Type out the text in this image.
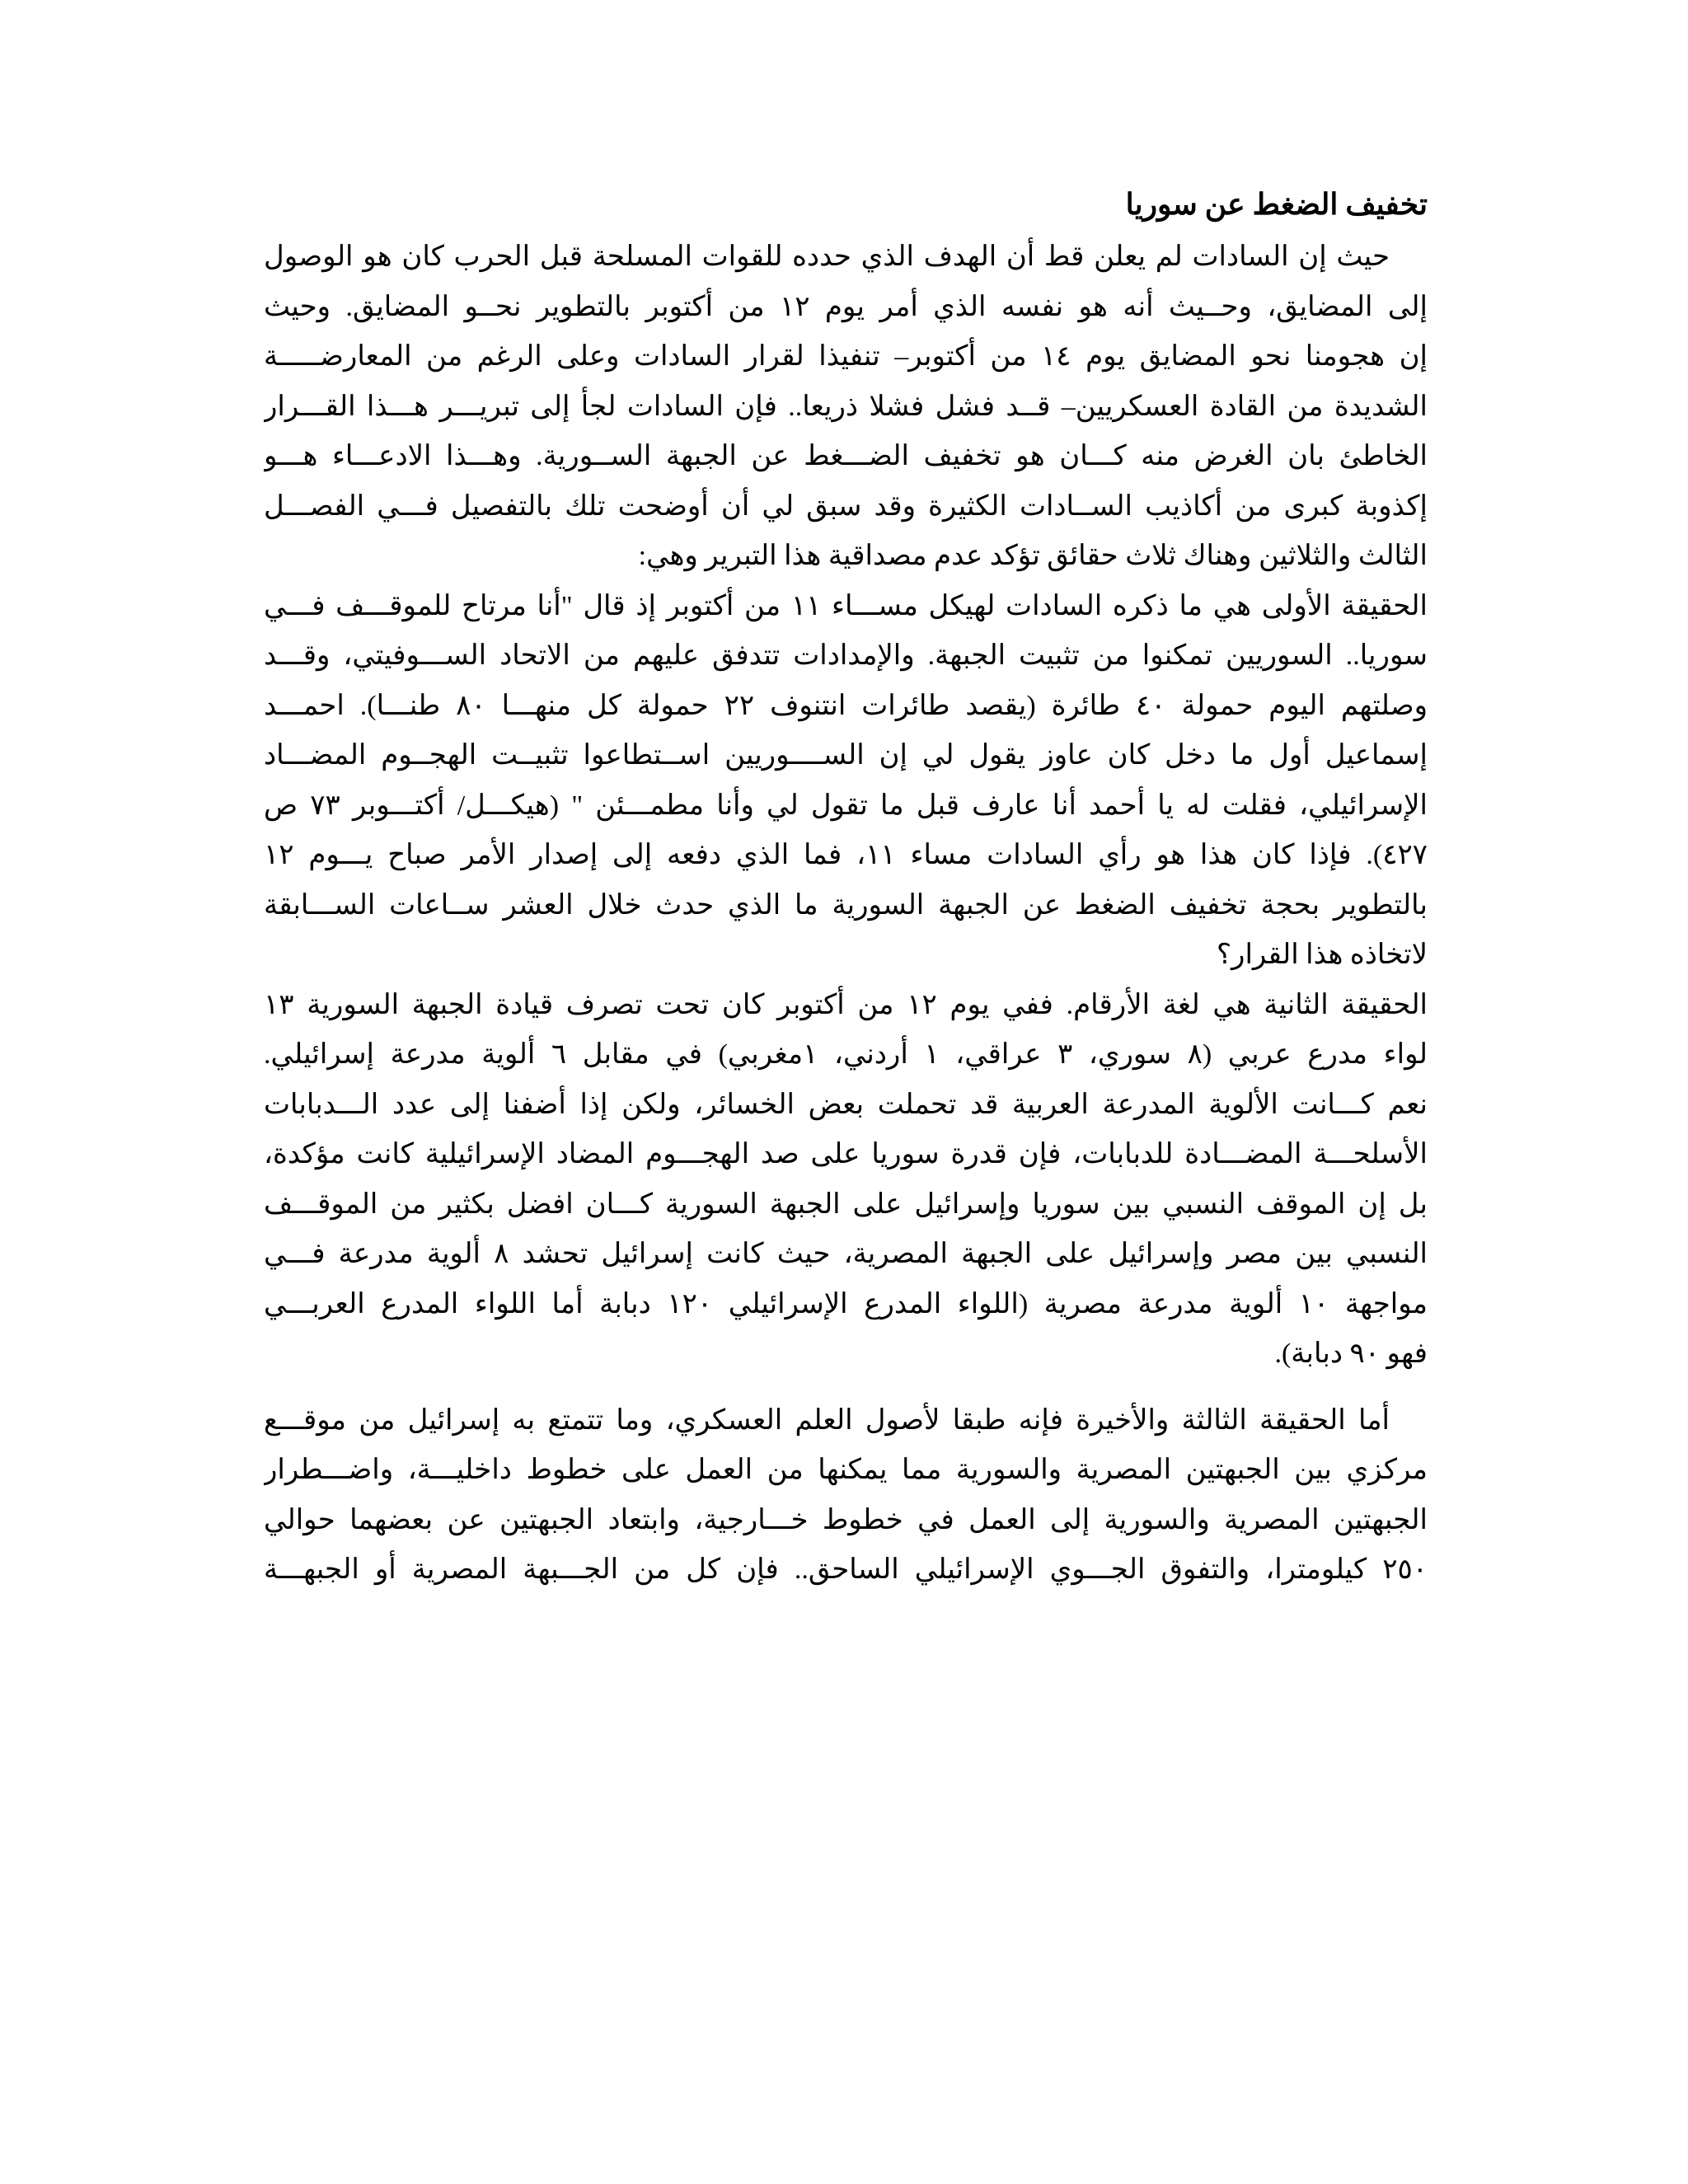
تخفيف الضغط عن سوريا
حيث إن السادات لم يعلن قط أن الهدف الذي حدده للقوات المسلحة قبل الحرب كان هو الوصول
إلى المضايق، وحــيث أنه هو نفسه الذي أمر يوم ١٢ من أكتوبر بالتطوير نحــو المضايق. وحيث
إن هجومنا نحو المضايق يوم ١٤ من أكتوبر– تنفيذا لقرار السادات وعلى الرغم من المعارضـــــة
الشديدة من القادة العسكريين– قــد فشل فشلا ذريعا.. فإن السادات لجأ إلى تبريـــر هـــذا القـــرار
الخاطئ بان الغرض منه كـــان هو تخفيف الضـــغط عن الجبهة الســورية. وهـــذا الادعـــاء هـــو
إكذوبة كبرى من أكاذيب الســادات الكثيرة وقد سبق لي أن أوضحت تلك بالتفصيل فـــي الفصـــل
الثالث والثلاثين وهناك ثلاث حقائق تؤكد عدم مصداقية هذا التبرير وهي:
الحقيقة الأولى هي ما ذكره السادات لهيكل مســـاء ١١ من أكتوبر إذ قال "أنا مرتاح للموقـــف فـــي
سوريا.. السوريين تمكنوا من تثبيت الجبهة. والإمدادات تتدفق عليهم من الاتحاد الســـوفيتي، وقـــد
وصلتهم اليوم حمولة ٤٠ طائرة (يقصد طائرات انتنوف ٢٢ حمولة كل منهـــا ٨٠ طنـــا). احمـــد
إسماعيل أول ما دخل كان عاوز يقول لي إن الســــوريين اســتطاعوا تثبيــت الهجــوم المضـــاد
الإسرائيلي، فقلت له يا أحمد أنا عارف قبل ما تقول لي وأنا مطمـــئن " (هيكـــل/ أكتـــوبر ٧٣ ص
٤٢٧). فإذا كان هذا هو رأي السادات مساء ١١، فما الذي دفعه إلى إصدار الأمر صباح يـــوم ١٢
بالتطوير بحجة تخفيف الضغط عن الجبهة السورية ما الذي حدث خلال العشر ســاعات الســـابقة
لاتخاذه هذا القرار؟
الحقيقة الثانية هي لغة الأرقام. ففي يوم ١٢ من أكتوبر كان تحت تصرف قيادة الجبهة السورية ١٣
لواء مدرع عربي (٨ سوري، ٣ عراقي، ١ أردني، ١مغربي) في مقابل ٦ ألوية مدرعة إسرائيلي.
نعم كـــانت الألوية المدرعة العربية قد تحملت بعض الخسائر، ولكن إذا أضفنا إلى عدد الـــدبابات
الأسلحـــة المضـــادة للدبابات، فإن قدرة سوريا على صد الهجـــوم المضاد الإسرائيلية كانت مؤكدة،
بل إن الموقف النسبي بين سوريا وإسرائيل على الجبهة السورية كـــان افضل بكثير من الموقـــف
النسبي بين مصر وإسرائيل على الجبهة المصرية، حيث كانت إسرائيل تحشد ٨ ألوية مدرعة فـــي
مواجهة ١٠ ألوية مدرعة مصرية (اللواء المدرع الإسرائيلي ١٢٠ دبابة أما اللواء المدرع العربـــي
فهو ٩٠ دبابة).
أما الحقيقة الثالثة والأخيرة فإنه طبقا لأصول العلم العسكري، وما تتمتع به إسرائيل من موقـــع
مركزي بين الجبهتين المصرية والسورية مما يمكنها من العمل على خطوط داخليـــة، واضـــطرار
الجبهتين المصرية والسورية إلى العمل في خطوط خـــارجية، وابتعاد الجبهتين عن بعضهما حوالي
٢٥٠ كيلومترا، والتفوق الجـــوي الإسرائيلي الساحق.. فإن كل من الجـــبهة المصرية أو الجبهـــة
